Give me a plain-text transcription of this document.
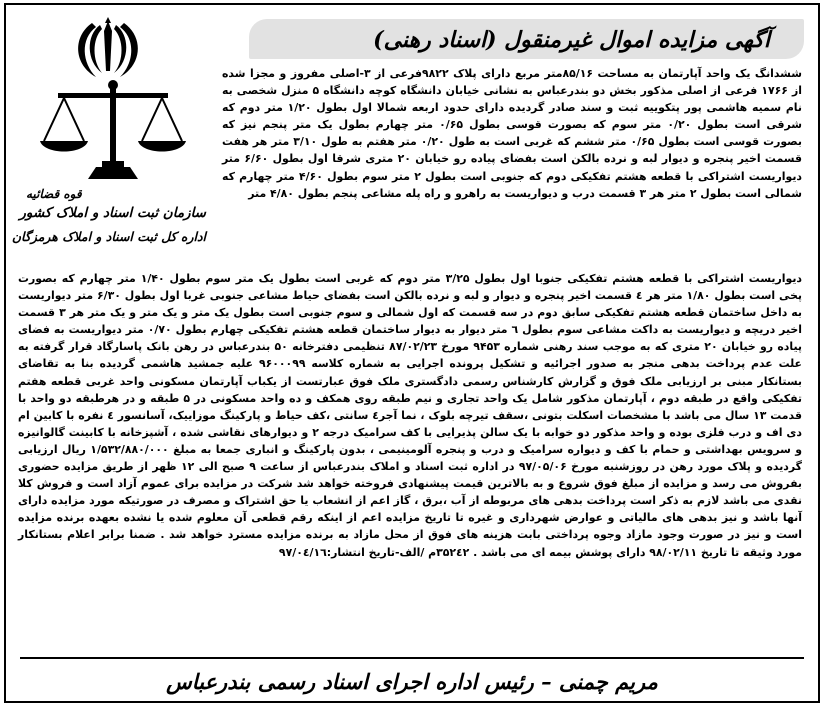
آگهی مزایده اموال غیرمنقول (اسناد رهنی)
قوه قضائیه
سازمان ثبت اسناد و املاک کشور
اداره کل ثبت اسناد و املاک هرمزگان

ششدانگ یک واحد آپارتمان به مساحت ۸۵/۱۶متر مربع دارای پلاک ۹۸۲۲فرعی از ۳-اصلی مفروز و مجزا شده از ۱۷۶۶ فرعی از اصلی مذکور بخش دو بندرعباس به نشانی خیابان دانشگاه کوچه دانشگاه ۵ منزل شخصی به نام سمیه هاشمی پور پتکوییه ثبت و سند صادر گردیده دارای حدود اربعه شمالا اول بطول ۱/۲۰ متر دوم که شرقی است بطول ۰/۲۰ متر سوم که بصورت قوسی بطول ۰/۶۵ متر چهارم بطول یک متر پنجم نیز که بصورت قوسی است بطول ۰/۶۵ متر ششم که غربی است به طول ۰/۲۰ متر هفتم به طول ۳/۱۰ متر هر هفت قسمت اخیر پنجره و دیوار لبه و نرده بالکن است بفضای پیاده رو خیابان ۲۰ متری شرقا اول بطول ۶/۶۰ متر دیواریست اشتراکی با قطعه هشتم تفکیکی دوم که جنوبی است بطول ۲ متر سوم بطول ۴/۶۰ متر چهارم که شمالی است بطول ۲ متر هر ۳ قسمت درب و دیواریست به راهرو و راه پله مشاعی پنجم بطول ۴/۸۰ متر

دیواریست اشتراکی با قطعه هشتم تفکیکی جنوبا اول بطول ۳/۲۵ متر دوم که غربی است بطول یک متر سوم بطول ۱/۴۰ متر چهارم که بصورت پخی است بطول ۱/۸۰ متر هر ٤ قسمت اخیر پنجره و دیوار و لبه و نرده بالکن است بفضای حیاط مشاعی جنوبی غربا اول بطول ۶/۳۰ متر دیواریست به داخل ساختمان قطعه هشتم تفکیکی سابق دوم در سه قسمت که اول شمالی و سوم جنوبی است بطول یک متر و یک متر و یک متر هر ۳ قسمت اخیر دریچه و دیواریست به داکت مشاعی سوم بطول ٦ متر دیوار به دیوار ساختمان قطعه هشتم تفکیکی چهارم بطول ۰/۷۰ متر دیواریست به فضای پیاده رو خیابان ۲۰ متری که به موجب سند رهنی شماره ۹۴۵۳ مورخ ۸۷/۰۲/۲۳ تنظیمی دفترخانه ۵۰ بندرعباس در رهن بانک پاسارگاد قرار گرفته به علت عدم پرداخت بدهی منجر به صدور اجرائیه و تشکیل پرونده اجرایی به شماره کلاسه ۹۶۰۰۰۹۹ علیه جمشید هاشمی گردیده بنا به تقاضای بستانکار مبنی بر ارزیابی ملک فوق و گزارش کارشناس رسمی دادگستری ملک فوق عبارتست از یکباب آپارتمان مسکونی واحد غربی قطعه هفتم تفکیکی واقع در طبقه دوم ، آپارتمان مذکور شامل یک واحد تجاری و نیم طبقه روی همکف و ده واحد مسکونی در ۵ طبقه و در هرطبقه دو واحد با قدمت ۱۳ سال می باشد با مشخصات اسکلت بتونی ،سقف تیرچه بلوک ، نما آجر٤ سانتی ،کف حیاط و پارکینگ موزاییک، آسانسور ٤ نفره با کابین ام دی اف و درب فلزی بوده و واحد مذکور دو خوابه با یک سالن پذیرایی با کف سرامیک درجه ۲ و دیوارهای نقاشی شده ، آشپزخانه با کابینت گالوانیزه و سرویس بهداشتی و حمام با کف و دیواره سرامیک و درب و پنجره آلومینیمی ، بدون پارکینگ و انباری جمعا به مبلغ ۱/۵۳۲/۸۸۰/۰۰۰ ریال ارزیابی گردیده و پلاک مورد رهن در روزشنبه مورخ ۹۷/۰۵/۰۶ در اداره ثبت اسناد و املاک بندرعباس از ساعت ۹ صبح الی ۱۲ ظهر از طریق مزایده حضوری بفروش می رسد و مزایده از مبلغ فوق شروع و به بالاترین قیمت پیشنهادی فروخته خواهد شد شرکت در مزایده برای عموم آزاد است و فروش کلا نقدی می باشد لازم به ذکر است پرداخت بدهی های مربوطه از آب ،برق ، گاز اعم از انشعاب یا حق اشتراک و مصرف در صورتیکه مورد مزایده دارای آنها باشد و نیز بدهی های مالیاتی و عوارض شهرداری و غیره تا تاریخ مزایده اعم از اینکه رقم قطعی آن معلوم شده یا نشده بعهده برنده مزایده است و نیز در صورت وجود مازاد وجوه پرداختی بابت هزینه های فوق از محل مازاد به برنده مزایده مسترد خواهد شد . ضمنا برابر اعلام بستانکار مورد وثیقه تا تاریخ ۹۸/۰۲/۱۱ دارای پوشش بیمه ای می باشد . ۳۵۲٤۲م /الف-تاریخ انتشار:۹۷/۰٤/۱٦

مریم چمنی – رئیس اداره اجرای اسناد رسمی بندرعباس
